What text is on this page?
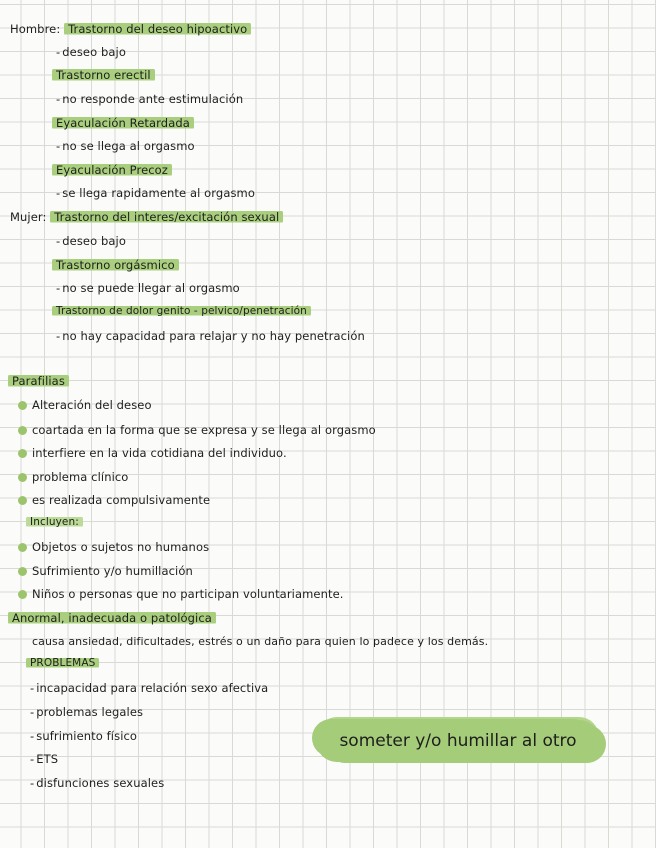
Hombre: Trastorno del deseo hipoactivo
- deseo bajo
Trastorno erectil
- no responde ante estimulación
Eyaculación Retardada
- no se llega al orgasmo
Eyaculación Precoz
- se llega rapidamente al orgasmo
Mujer: Trastorno del interes/excitación sexual
- deseo bajo
Trastorno orgásmico
- no se puede llegar al orgasmo
Trastorno de dolor genito - pelvico/penetración
- no hay capacidad para relajar y no hay penetración
Parafilias
Alteración del deseo
coartada en la forma que se expresa y se llega al orgasmo
interfiere en la vida cotidiana del individuo.
problema clínico
es realizada compulsivamente
Incluyen:
Objetos o sujetos no humanos
Sufrimiento y/o humillación
Niños o personas que no participan voluntariamente.
Anormal, inadecuada o patológica
causa ansiedad, dificultades, estrés o un daño para quien lo padece y los demás.
PROBLEMAS
- incapacidad para relación sexo afectiva
- problemas legales
- sufrimiento físico
- ETS
- disfunciones sexuales
someter y/o humillar al otro
